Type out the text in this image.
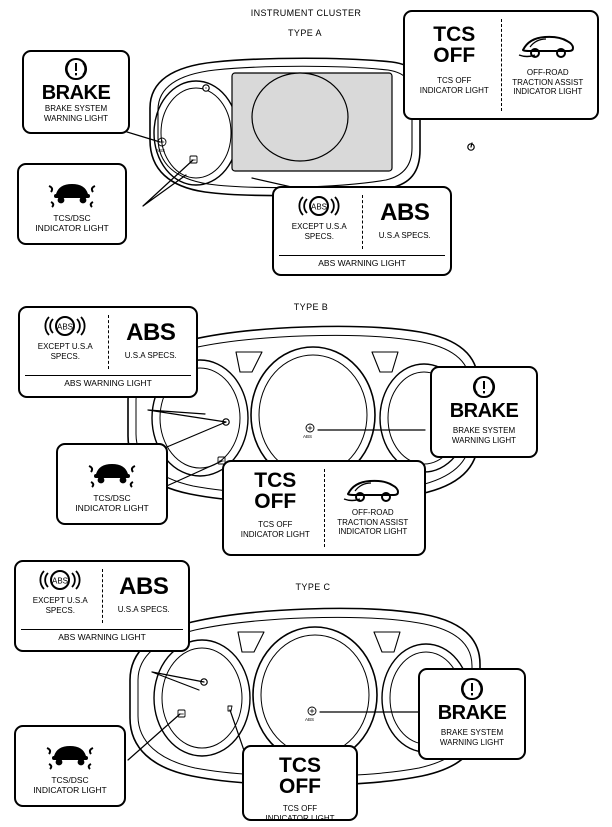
ABS
ABS
ABS
INSTRUMENT CLUSTER
TYPE A
TYPE B
TYPE C
BRAKE
BRAKE SYSTEM
WARNING LIGHT
TCS/DSC
INDICATOR LIGHT
ABS
EXCEPT U.S.A
SPECS.
ABS
U.S.A SPECS.
ABS WARNING LIGHT
TCS
OFF
TCS OFF
INDICATOR LIGHT
OFF-ROAD
TRACTION ASSIST
INDICATOR LIGHT
ABS
EXCEPT U.S.A
SPECS.
ABS
U.S.A SPECS.
ABS WARNING LIGHT
TCS/DSC
INDICATOR LIGHT
TCS
OFF
TCS OFF
INDICATOR LIGHT
OFF-ROAD
TRACTION ASSIST
INDICATOR LIGHT
BRAKE
BRAKE SYSTEM
WARNING LIGHT
ABS
EXCEPT U.S.A
SPECS.
ABS
U.S.A SPECS.
ABS WARNING LIGHT
TCS/DSC
INDICATOR LIGHT
TCS
OFF
TCS OFF
INDICATOR LIGHT
BRAKE
BRAKE SYSTEM
WARNING LIGHT
